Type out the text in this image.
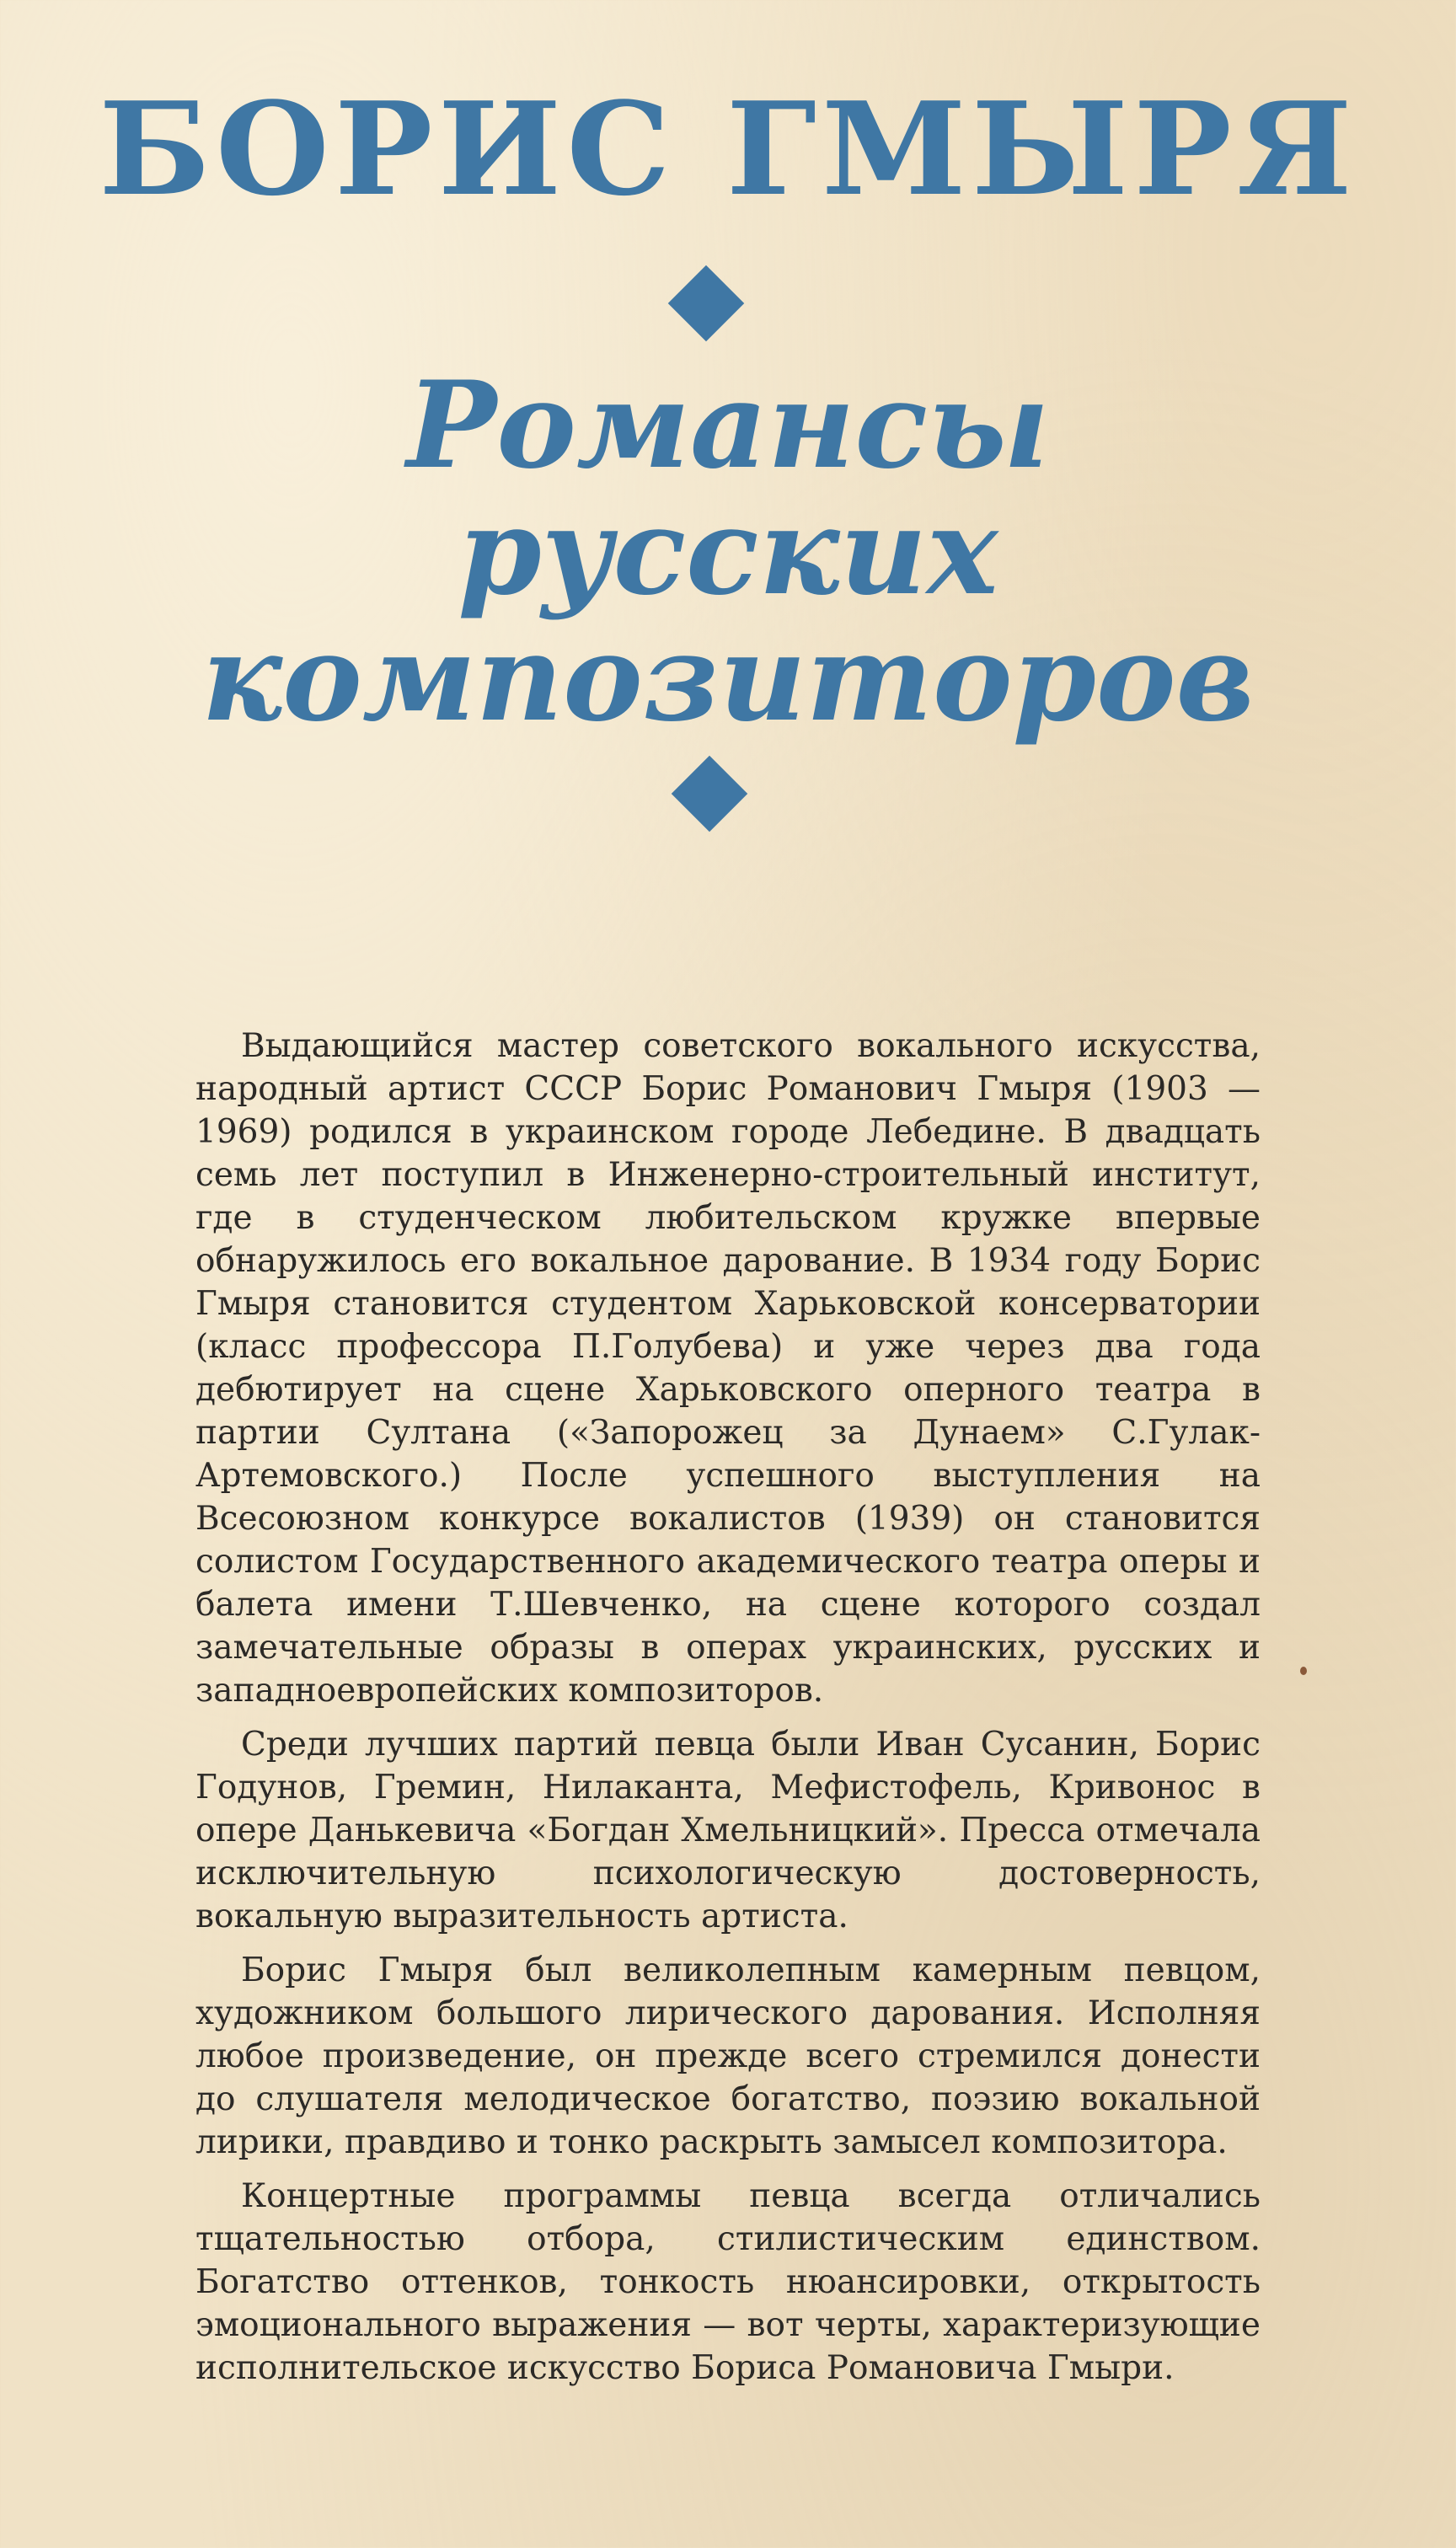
БОРИС ГМЫРЯ
Романсы
русских
композиторов

Выдающийся мастер советского вокального искусства, народный артист СССР Борис Романович Гмыря (1903 — 1969) родился в украинском городе Лебедине. В двадцать семь лет поступил в Инженерно-строительный институт, где в студенческом любительском кружке впервые обнаружилось его вокальное дарование. В 1934 году Борис Гмыря становится студентом Харьковской консерватории (класс профессора П.Голубева) и уже через два года дебютирует на сцене Харьковского оперного театра в партии Султана («Запорожец за Дунаем» С.Гулак-Артемовского.) После успешного выступления на Всесоюзном конкурсе вокалистов (1939) он становится солистом Государственного академического театра оперы и балета имени Т.Шевченко, на сцене которого создал замечательные образы в операх украинских, русских и западноевропейских композиторов.

Среди лучших партий певца были Иван Сусанин, Борис Годунов, Гремин, Нилаканта, Мефистофель, Кривонос в опере Данькевича «Богдан Хмельницкий». Пресса отмечала исключительную психологическую достоверность, вокальную выразительность артиста.

Борис Гмыря был великолепным камерным певцом, художником большого лирического дарования. Исполняя любое произведение, он прежде всего стремился донести до слушателя мелодическое богатство, поэзию вокальной лирики, правдиво и тонко раскрыть замысел композитора.

Концертные программы певца всегда отличались тщательностью отбора, стилистическим единством. Богатство оттенков, тонкость нюансировки, открытость эмоционального выражения — вот черты, характеризующие исполнительское искусство Бориса Романовича Гмыри.
